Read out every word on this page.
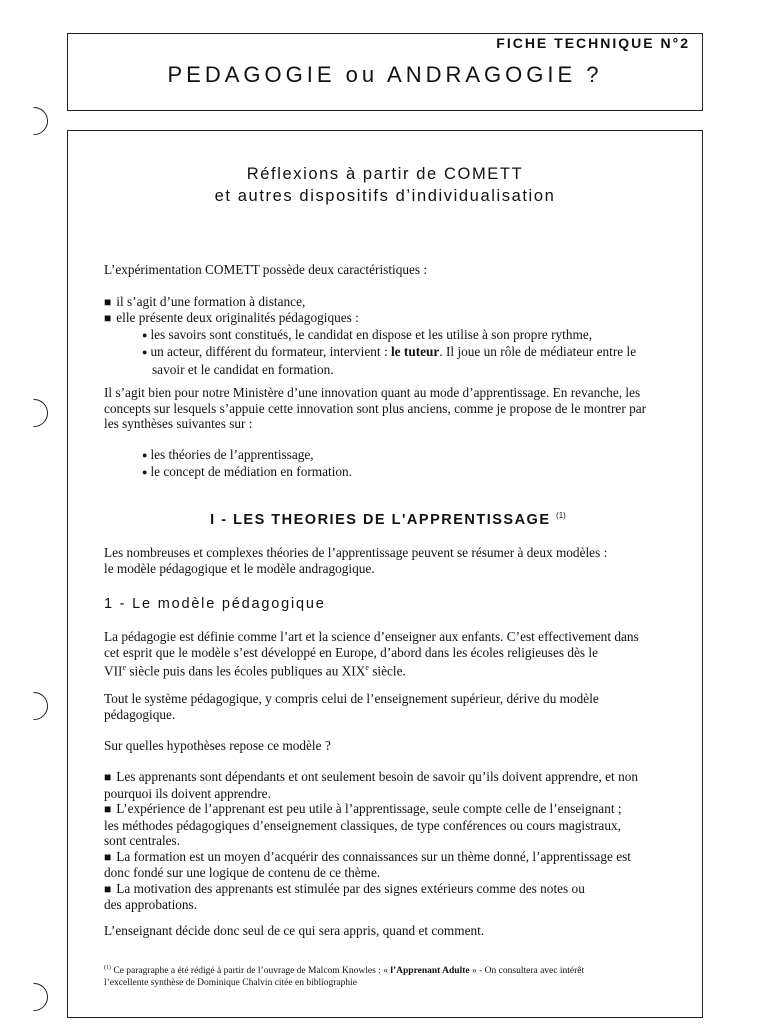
FICHE TECHNIQUE N°2
PEDAGOGIE ou ANDRAGOGIE ?
Réflexions à partir de COMETT
et autres dispositifs d’individualisation

L’expérimentation COMETT possède deux caractéristiques :

■ il s’agit d’une formation à distance,

■ elle présente deux originalités pédagogiques :

● les savoirs sont constitués, le candidat en dispose et les utilise à son propre rythme,

● un acteur, différent du formateur, intervient : le tuteur. Il joue un rôle de médiateur entre le

savoir et le candidat en formation.

Il s’agit bien pour notre Ministère d’une innovation quant au mode d’apprentissage. En revanche, les

concepts sur lesquels s’appuie cette innovation sont plus anciens, comme je propose de le montrer par

les synthèses suivantes sur :

● les théories de l’apprentissage,

● le concept de médiation en formation.

I - LES THEORIES DE L'APPRENTISSAGE $^{(1)}$

Les nombreuses et complexes théories de l’apprentissage peuvent se résumer à deux modèles :

le modèle pédagogique et le modèle andragogique.

1 - Le modèle pédagogique

La pédagogie est définie comme l’art et la science d’enseigner aux enfants. C’est effectivement dans

cet esprit que le modèle s’est développé en Europe, d’abord dans les écoles religieuses dès le

VIIe siècle puis dans les écoles publiques au XIXe siècle.

Tout le système pédagogique, y compris celui de l’enseignement supérieur, dérive du modèle

pédagogique.

Sur quelles hypothèses repose ce modèle ?

■ Les apprenants sont dépendants et ont seulement besoin de savoir qu’ils doivent apprendre, et non

pourquoi ils doivent apprendre.

■ L’expérience de l’apprenant est peu utile à l’apprentissage, seule compte celle de l’enseignant ;

les méthodes pédagogiques d’enseignement classiques, de type conférences ou cours magistraux,

sont centrales.

■ La formation est un moyen d’acquérir des connaissances sur un thème donné, l’apprentissage est

donc fondé sur une logique de contenu de ce thème.

■ La motivation des apprenants est stimulée par des signes extérieurs comme des notes ou

des approbations.

L’enseignant décide donc seul de ce qui sera appris, quand et comment.

$^{(1)}$ Ce paragraphe a été rédigé à partir de l’ouvrage de Malcom Knowles : « l’Apprenant Adulte » - On consultera avec intérêt
l’excellente synthèse de Dominique Chalvin citée en bibliographie
